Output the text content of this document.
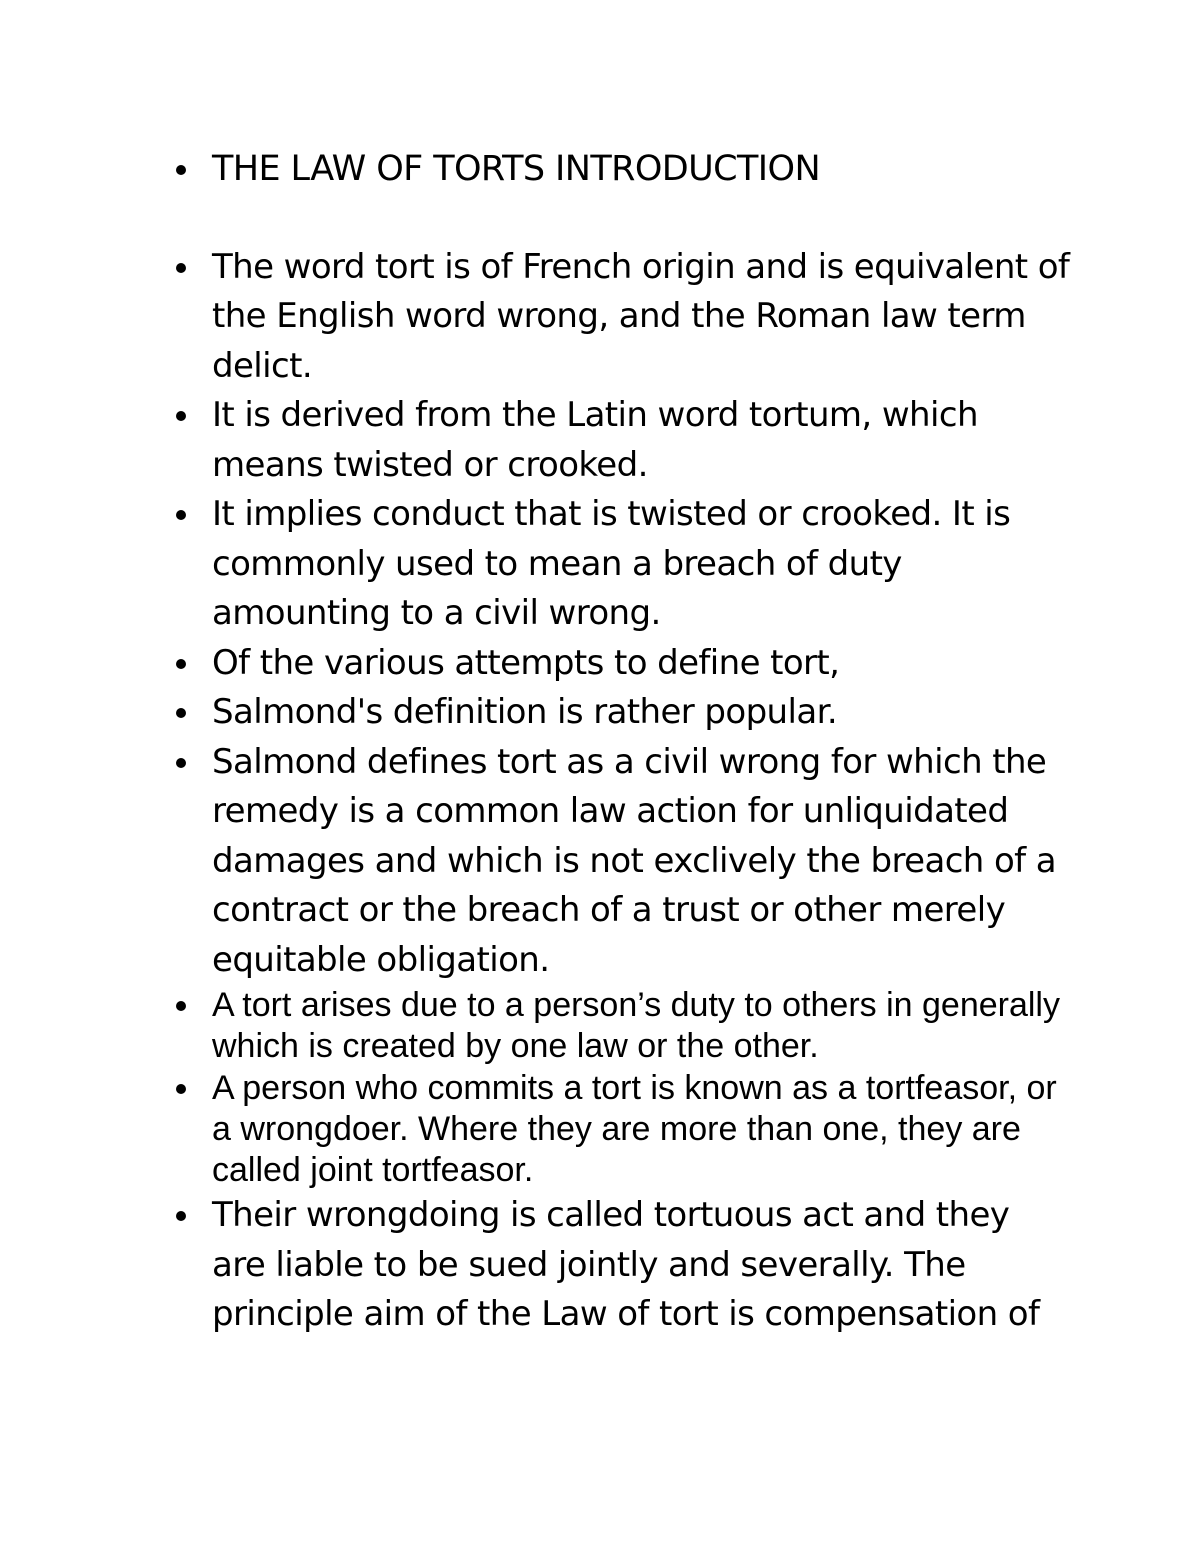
THE LAW OF TORTS INTRODUCTION
The word tort is of French origin and is equivalent of the English word wrong, and the Roman law term delict.
It is derived from the Latin word tortum, which means twisted or crooked.
It implies conduct that is twisted or crooked. It is commonly used to mean a breach of duty amounting to a civil wrong.
Of the various attempts to define tort,
Salmond's definition is rather popular.
Salmond defines tort as a civil wrong for which the remedy is a common law action for unliquidated damages and which is not exclively the breach of a contract or the breach of a trust or other merely equitable obligation.
A tort arises due to a person’s duty to others in generally which is created by one law or the other.
A person who commits a tort is known as a tortfeasor, or a wrongdoer. Where they are more than one, they are called joint tortfeasor.
Their wrongdoing is called tortuous act and they are liable to be sued jointly and severally. The principle aim of the Law of tort is compensation of
